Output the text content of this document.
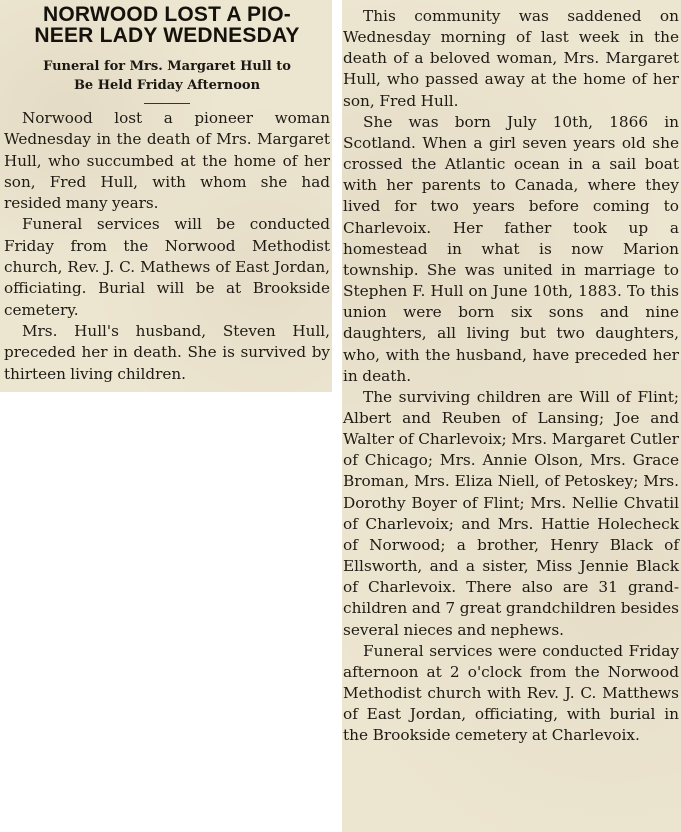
NORWOOD LOST A PIO-
NEER LADY WEDNESDAY
Funeral for Mrs. Margaret Hull to
Be Held Friday Afternoon

Norwood lost a pioneer woman Wednesday in the death of Mrs. Margaret Hull, who succumbed at the home of her son, Fred Hull, with whom she had resided many years.

Funeral services will be conducted Friday from the Norwood Methodist church, Rev. J. C. Mathews of East Jordan, officiating. Burial will be at Brookside cemetery.

Mrs. Hull's husband, Steven Hull, preceded her in death. She is survived by thirteen living children.

This community was saddened on Wednesday morning of last week in the death of a beloved woman, Mrs. Margaret Hull, who passed away at the home of her son, Fred Hull.

She was born July 10th, 1866 in Scotland. When a girl seven years old she crossed the Atlantic ocean in a sail boat with her parents to Canada, where they lived for two years before coming to Charlevoix. Her father took up a homestead in what is now Marion township. She was united in marriage to Stephen F. Hull on June 10th, 1883. To this union were born six sons and nine daughters, all living but two daughters, who, with the husband, have preceded her in death.

The surviving children are Will of Flint; Albert and Reuben of Lansing; Joe and Walter of Charlevoix; Mrs. Margaret Cutler of Chicago; Mrs. Annie Olson, Mrs. Grace Broman, Mrs. Eliza Niell, of Petoskey; Mrs. Dorothy Boyer of Flint; Mrs. Nellie Chvatil of Charlevoix; and Mrs. Hattie Holecheck of Norwood; a brother, Henry Black of Ellsworth, and a sister, Miss Jennie Black of Charlevoix. There also are 31 grandchildren and 7 great grandchildren besides several nieces and nephews.

Funeral services were conducted Friday afternoon at 2 o'clock from the Norwood Methodist church with Rev. J. C. Matthews of East Jordan, officiating, with burial in the Brookside cemetery at Charlevoix.
